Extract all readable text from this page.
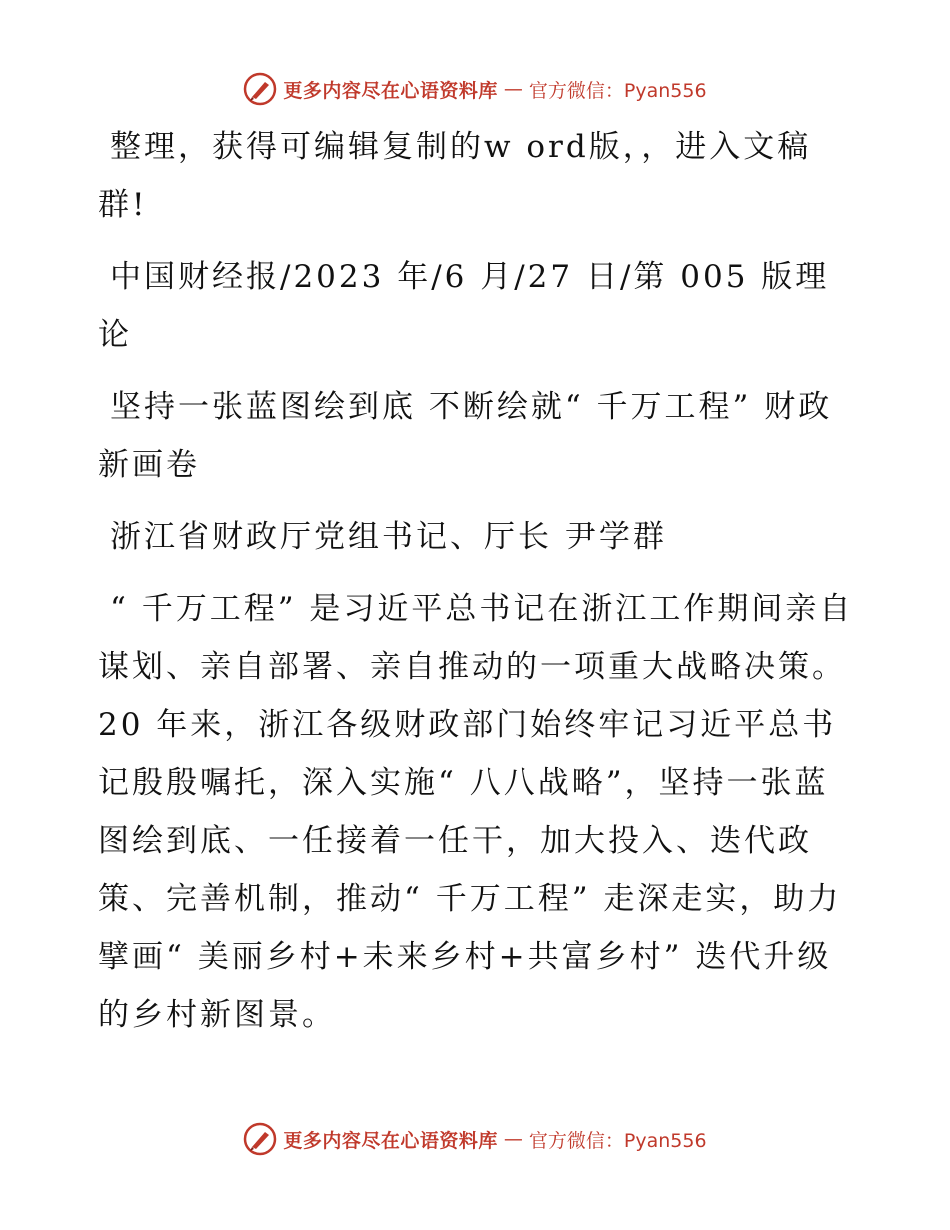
更多内容尽在心语资料库 — 官方微信：Pyan556

整理，获得可编辑复制的w ord版，，进入文稿群!

中国财经报/2023 年/6 月/27 日/第 005 版理论

坚持一张蓝图绘到底 不断绘就“ 千万工程” 财政新画卷

浙江省财政厅党组书记、厅长 尹学群

“ 千万工程” 是习近平总书记在浙江工作期间亲自谋划、亲自部署、亲自推动的一项重大战略决策。20 年来，浙江各级财政部门始终牢记习近平总书记殷殷嘱托，深入实施“ 八八战略”，坚持一张蓝图绘到底、一任接着一任干，加大投入、迭代政策、完善机制，推动“ 千万工程” 走深走实，助力擘画“ 美丽乡村+未来乡村+共富乡村” 迭代升级的乡村新图景。

更多内容尽在心语资料库 — 官方微信：Pyan556
